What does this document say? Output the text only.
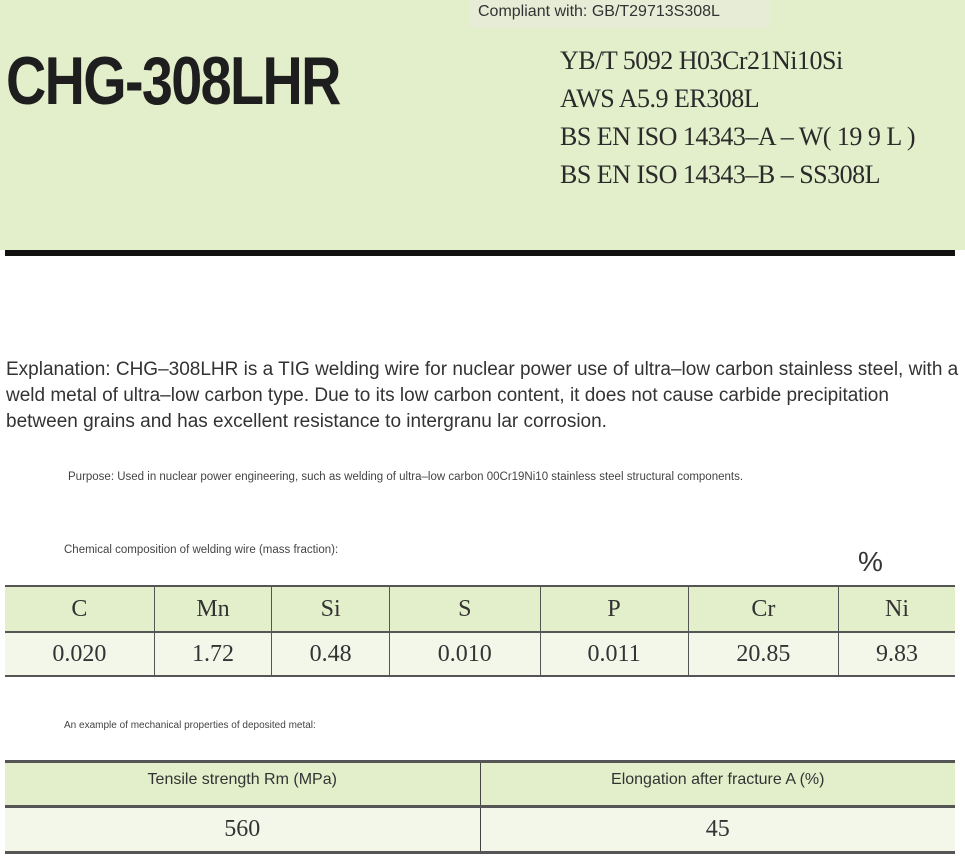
Compliant with: GB/T29713S308L
CHG-308LHR	YB/T 5092 H03Cr21Ni10Si
AWS A5.9 ER308L
BS EN ISO 14343–A – W( 19 9 L )
BS EN ISO 14343–B – SS308L

Explanation: CHG–308LHR is a TIG welding wire for nuclear power use of ultra–low carbon stainless steel, with a weld metal of ultra–low carbon type. Due to its low carbon content, it does not cause carbide precipitation between grains and has excellent resistance to intergranu lar corrosion.

Purpose: Used in nuclear power engineering, such as welding of ultra–low carbon 00Cr19Ni10 stainless steel structural components.

Chemical composition of welding wire (mass fraction):	%
C	Mn	Si	S	P	Cr	Ni
0.020	1.72	0.48	0.010	0.011	20.85	9.83

An example of mechanical properties of deposited metal:

Tensile strength Rm (MPa)	Elongation after fracture A (%)
560	45
